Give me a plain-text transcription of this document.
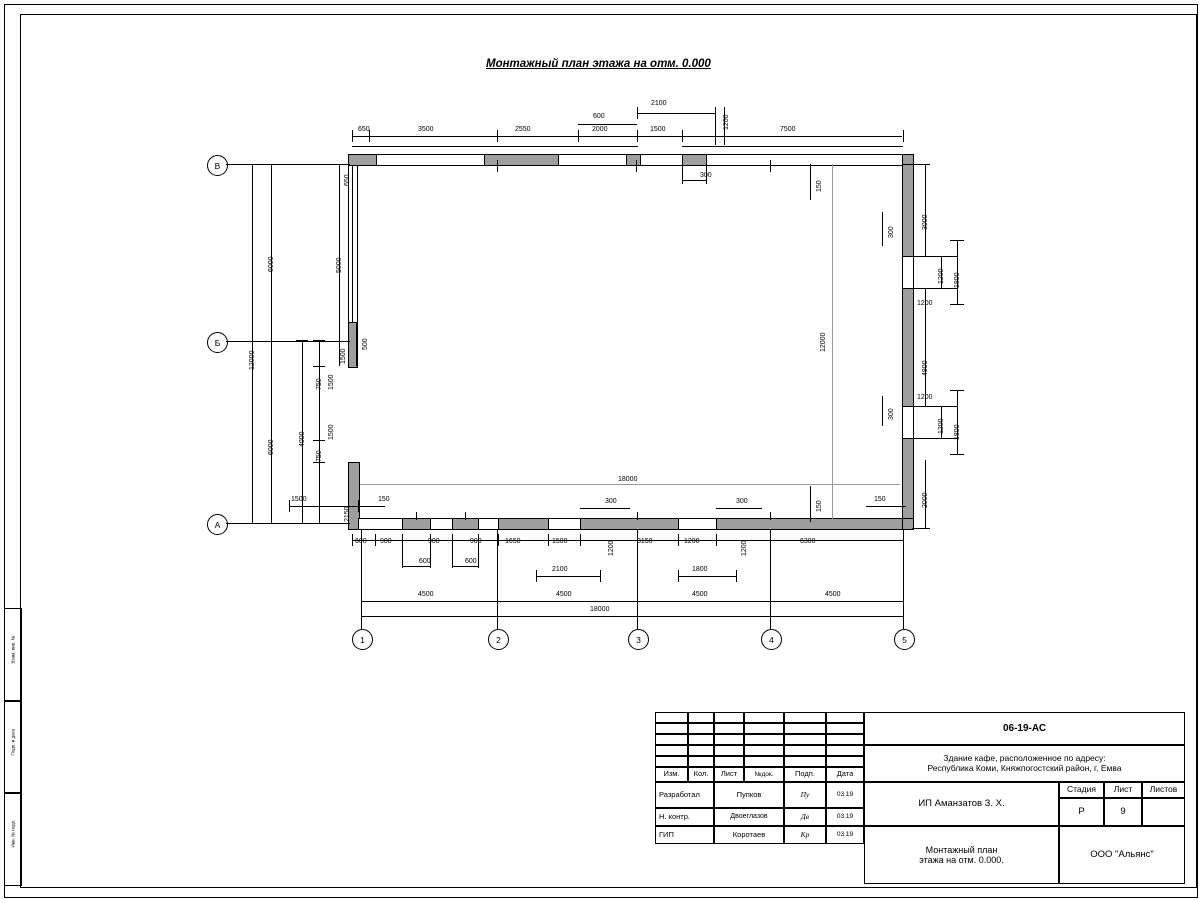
Взам. инв. №
Подп. и дата
Инв. № подл.
Монтажный план этажа на отм. 0.000
В
Б
А
1	2	3	4	5
650	3500	2550	2000	1500	7500
2100
600	1200
300
150
650
6000
6000
12000
5000
4000
750 1500
750
1500
1500
500
2150
1500	150
3000
1200 1800
1200
300
4900
1200 1800
1200
300
2000
150
150
12000
18000
600 900	900	900	1650	1500	3150	1200	6300
1200	1200
600	600
300	300
2100	1800
4500	4500	4500	4500
18000
Изм.	Кол.	Лист	№док.	Подп.	Дата
Разработал	Пупков	Пу	03.19
Н. контр.	Двоеглазов	Дв	03.19
ГИП	Коротаев	Кр	03.19
06-19-АС
Здание кафе, расположенное по адресу:
Республика Коми, Княжпогостский район, г. Емва
ИП Аманзатов З. Х.
Монтажный план
этажа на отм. 0.000.
Стадия	Лист	Листов
Р	9
ООО "Альянс"
